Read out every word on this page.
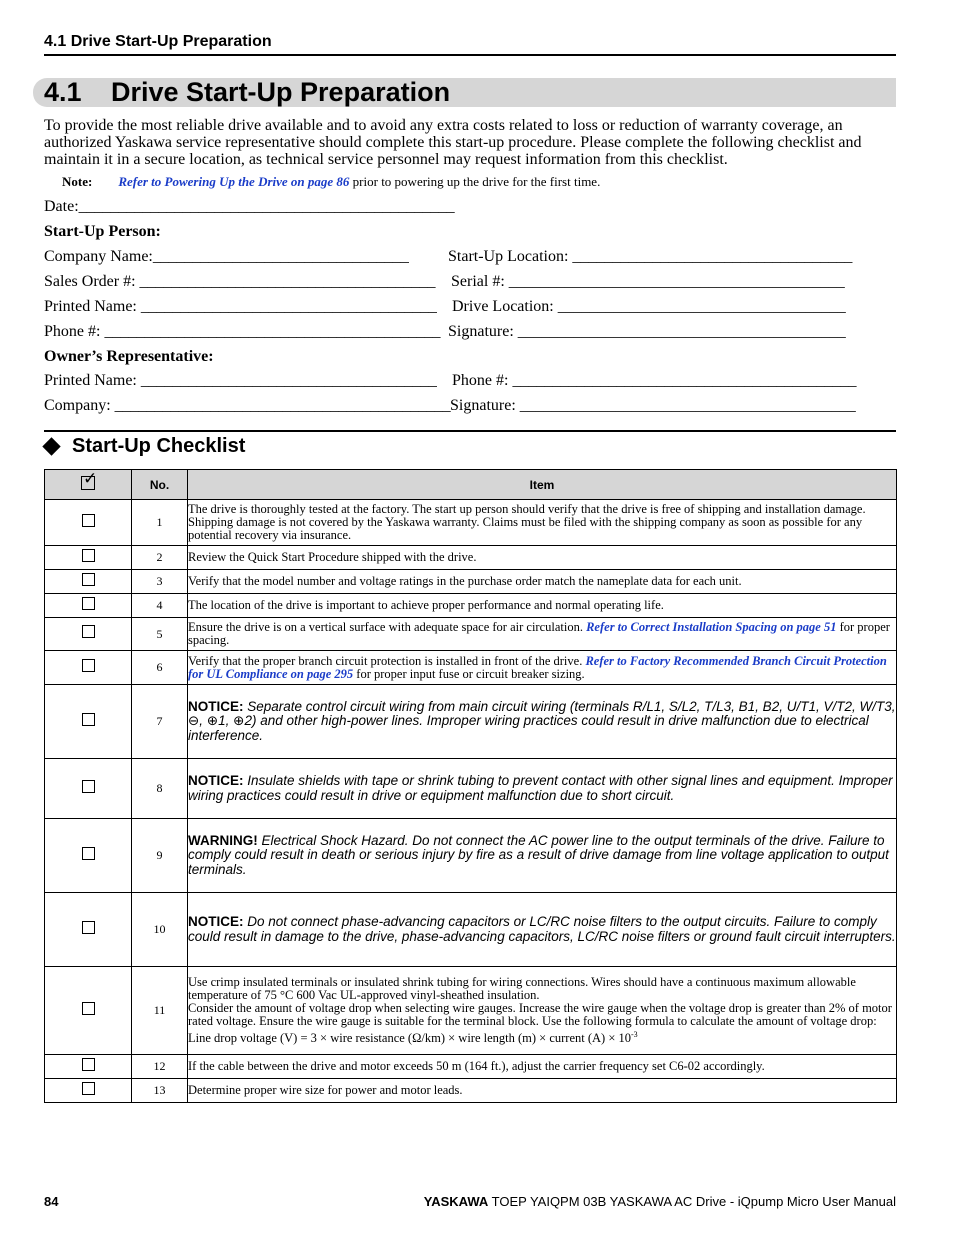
4.1 Drive Start-Up Preparation
4.1 Drive Start-Up Preparation
To provide the most reliable drive available and to avoid any extra costs related to loss or reduction of warranty coverage, an authorized Yaskawa service representative should complete this start-up procedure. Please complete the following checklist and maintain it in a secure location, as technical service personnel may request information from this checklist.
Note: Refer to Powering Up the Drive on page 86 prior to powering up the drive for the first time.
Date:_______________________________________________
Start-Up Person:
Company Name:________________________________ Start-Up Location: ___________________________________
Sales Order #: _____________________________________ Serial #: __________________________________________
Printed Name: _____________________________________ Drive Location: ____________________________________
Phone #: __________________________________________ Signature: _________________________________________
Owner’s Representative:
Printed Name: _____________________________________ Phone #: ___________________________________________
Company: __________________________________________ Signature: __________________________________________
Start-Up Checklist
✓	No.	Item
	1	The drive is thoroughly tested at the factory. The start up person should verify that the drive is free of shipping and installation damage. Shipping damage is not covered by the Yaskawa warranty. Claims must be filed with the shipping company as soon as possible for any potential recovery via insurance.
	2	Review the Quick Start Procedure shipped with the drive.
	3	Verify that the model number and voltage ratings in the purchase order match the nameplate data for each unit.
	4	The location of the drive is important to achieve proper performance and normal operating life.
	5	Ensure the drive is on a vertical surface with adequate space for air circulation. Refer to Correct Installation Spacing on page 51 for proper spacing.
	6	Verify that the proper branch circuit protection is installed in front of the drive. Refer to Factory Recommended Branch Circuit Protection for UL Compliance on page 295 for proper input fuse or circuit breaker sizing.
	7	NOTICE: Separate control circuit wiring from main circuit wiring (terminals R/L1, S/L2, T/L3, B1, B2, U/T1, V/T2, W/T3, ⊖, ⊕1, ⊕2) and other high-power lines. Improper wiring practices could result in drive malfunction due to electrical interference.
	8	NOTICE: Insulate shields with tape or shrink tubing to prevent contact with other signal lines and equipment. Improper wiring practices could result in drive or equipment malfunction due to short circuit.
	9	WARNING! Electrical Shock Hazard. Do not connect the AC power line to the output terminals of the drive. Failure to comply could result in death or serious injury by fire as a result of drive damage from line voltage application to output terminals.
	10	NOTICE: Do not connect phase-advancing capacitors or LC/RC noise filters to the output circuits. Failure to comply could result in damage to the drive, phase-advancing capacitors, LC/RC noise filters or ground fault circuit interrupters.
	11	Use crimp insulated terminals or insulated shrink tubing for wiring connections. Wires should have a continuous maximum allowable temperature of 75 °C 600 Vac UL-approved vinyl-sheathed insulation.
Consider the amount of voltage drop when selecting wire gauges. Increase the wire gauge when the voltage drop is greater than 2% of motor rated voltage. Ensure the wire gauge is suitable for the terminal block. Use the following formula to calculate the amount of voltage drop:
Line drop voltage (V) = 3 × wire resistance (Ω/km) × wire length (m) × current $(A) \times 10^{-3}$

	12	If the cable between the drive and motor exceeds 50 m (164 ft.), adjust the carrier frequency set C6-02 accordingly.
	13	Determine proper wire size for power and motor leads.
84	YASKAWA TOEP YAIQPM 03B YASKAWA AC Drive - iQpump Micro User Manual
